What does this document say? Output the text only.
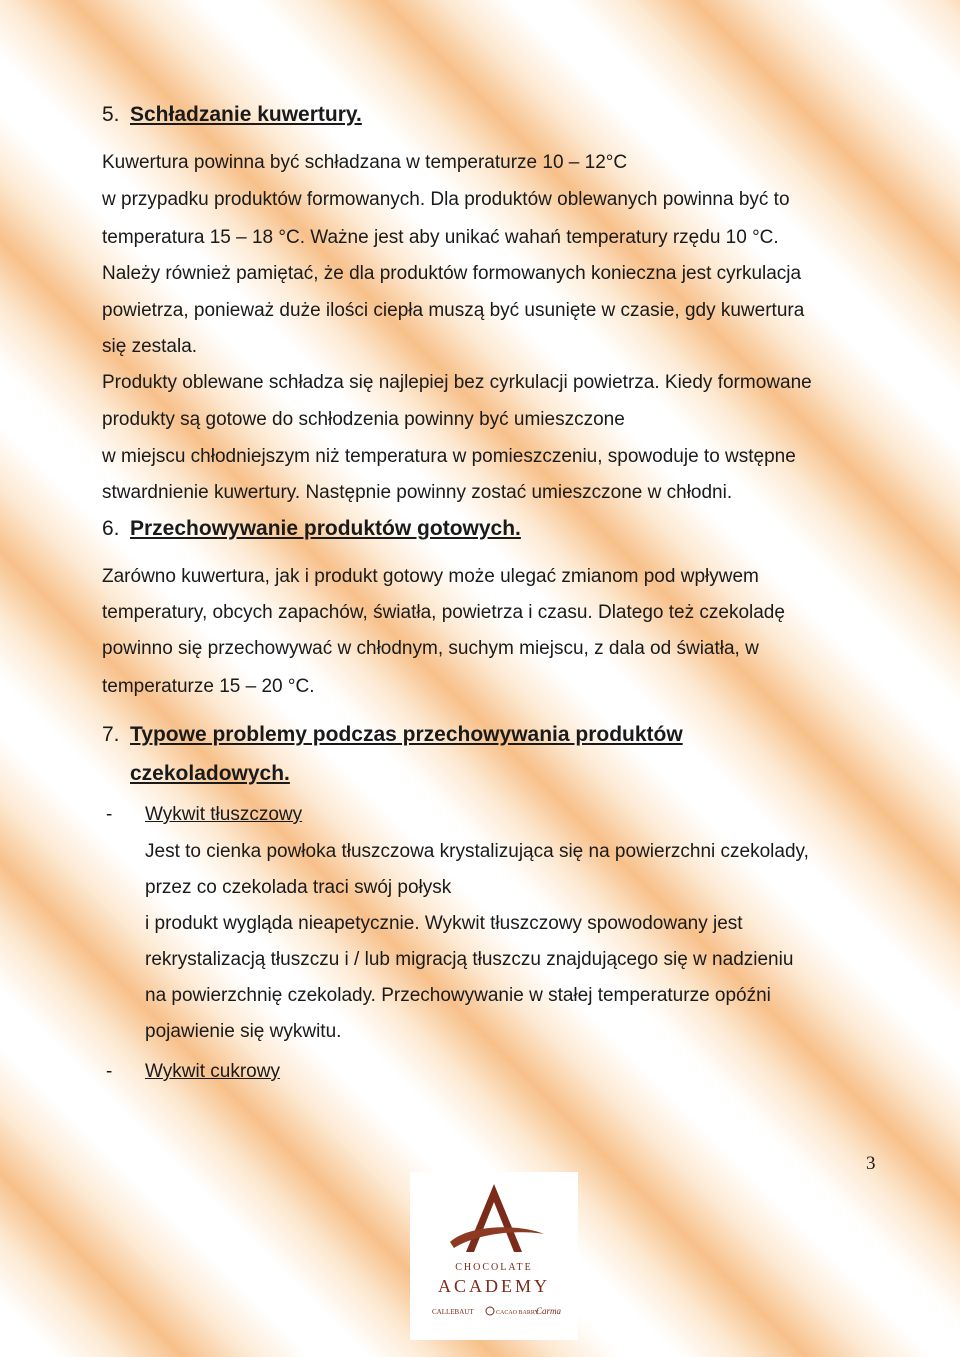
5. Schładzanie kuwertury.
Kuwertura powinna być schładzana w temperaturze 10 – 12°C
w przypadku produktów formowanych. Dla produktów oblewanych powinna być to
temperatura 15 – 18 °C. Ważne jest aby unikać wahań temperatury rzędu 10 °C.
Należy również pamiętać, że dla produktów formowanych konieczna jest cyrkulacja
powietrza, ponieważ duże ilości ciepła muszą być usunięte w czasie, gdy kuwertura
się zestala.
Produkty oblewane schładza się najlepiej bez cyrkulacji powietrza. Kiedy formowane
produkty są gotowe do schłodzenia powinny być umieszczone
w miejscu chłodniejszym niż temperatura w pomieszczeniu, spowoduje to wstępne
stwardnienie kuwertury. Następnie powinny zostać umieszczone w chłodni.
6. Przechowywanie produktów gotowych.
Zarówno kuwertura, jak i produkt gotowy może ulegać zmianom pod wpływem
temperatury, obcych zapachów, światła, powietrza i czasu. Dlatego też czekoladę
powinno się przechowywać w chłodnym, suchym miejscu, z dala od światła, w
temperaturze 15 – 20 °C.
7. Typowe problemy podczas przechowywania produktów
czekoladowych.
- Wykwit tłuszczowy
Jest to cienka powłoka tłuszczowa krystalizująca się na powierzchni czekolady,
przez co czekolada traci swój połysk
i produkt wygląda nieapetycznie. Wykwit tłuszczowy spowodowany jest
rekrystalizacją tłuszczu i / lub migracją tłuszczu znajdującego się w nadzieniu
na powierzchnię czekolady. Przechowywanie w stałej temperaturze opóźni
pojawienie się wykwitu.
- Wykwit cukrowy
3
CHOCOLATE
ACADEMY
CALLEBAUT	CACAO BARRY
Carma
